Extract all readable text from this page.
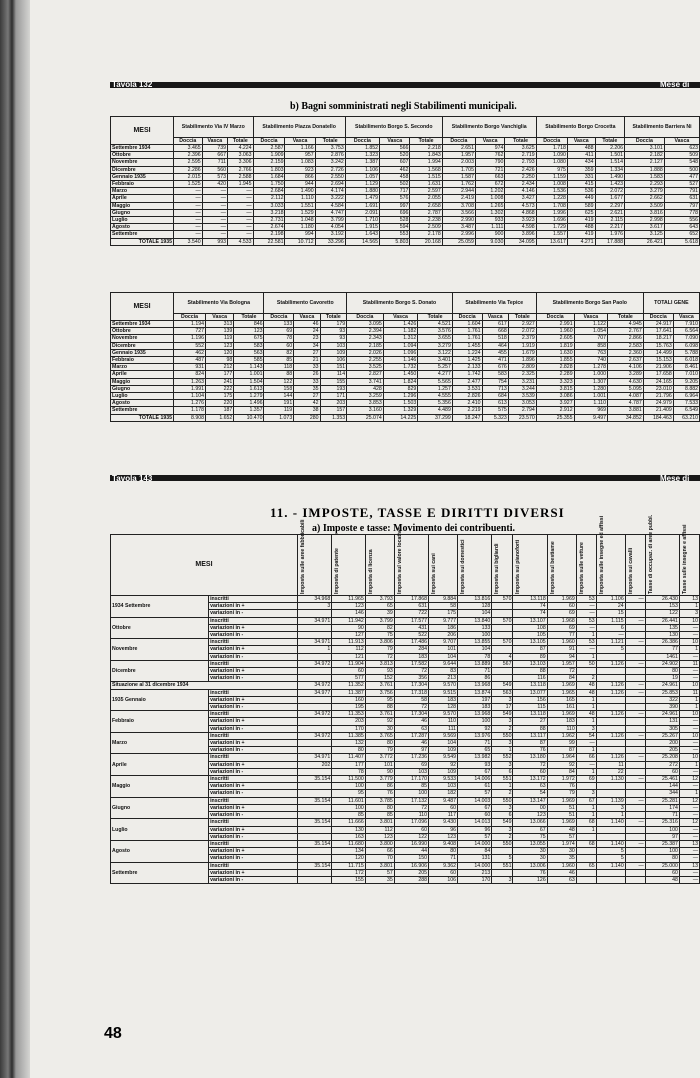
Tavola 132	Mese di
b) Bagni somministrati negli Stabilimenti municipali.
MESI	Stabilimento Via IV Marzo			Stabilimento Piazza Donatello			Stabilimento Borgo S. Secondo			Stabilimento Borgo Vanchiglia			Stabilimento Borgo Crocetta			Stabilimento Barriera Ni	
	Doccia	Vasca	Totale	Doccia	Vasca	Totale	Doccia	Vasca	Totale	Doccia	Vasca	Totale	Doccia	Vasca	Totale	Doccia	Vasca
Settembre 1934	3.465	739	4.224	2.587	1.166	3.753	1.852	566	2.218	2.651	974	3.625	1.718	488	2.206	3.101	623
Ottobre	2.396	667	3.063	1.909	957	2.876	1.323	520	1.843	1.957	762	2.719	1.090	411	1.501	2.182	509
Novembre	2.595	711	3.306	2.159	1.083	3.242	1.387	607	1.994	2.003	790	2.793	1.080	434	1.514	2.127	548
Dicembre	2.286	560	2.766	1.803	923	2.726	1.106	462	1.568	1.705	721	2.426	975	359	1.334	1.888	500
Gennaio 1935	2.015	573	2.588	1.684	866	2.550	1.057	458	1.515	1.587	663	2.250	1.159	331	1.490	1.583	477
Febbraio	1.525	420	1.945	1.750	944	2.694	1.129	502	1.631	1.762	672	2.434	1.008	415	1.423	2.293	527
Marzo	—	—	—	2.684	1.490	4.174	1.880	717	2.597	2.944	1.202	4.146	1.536	536	2.072	3.279	791
Aprile	—	—	—	2.112	1.110	3.222	1.479	576	2.055	2.419	1.008	3.427	1.228	449	1.677	2.662	631
Maggio	—	—	—	3.033	1.551	4.584	1.691	997	2.658	3.708	1.265	4.573	1.708	589	2.297	3.509	797
Giugno	—	—	—	3.218	1.529	4.747	2.091	696	2.787	3.566	1.302	4.868	1.996	625	2.621	3.816	778
Luglio	—	—	—	2.731	1.048	3.799	1.710	528	2.238	2.990	933	3.923	1.696	419	2.115	2.998	556
Agosto	—	—	—	2.674	1.180	4.054	1.915	594	2.509	3.487	1.111	4.598	1.729	488	2.217	3.617	643
Settembre	—	—	—	2.198	994	3.192	1.643	553	2.178	2.996	900	3.896	1.557	419	1.976	3.125	652
TOTALE 1935	3.540	993	4.533	22.581	10.712	33.296	14.565	5.803	20.168	25.059	9.030	34.095	13.617	4.271	17.888	26.421	5.618
MESI	Stabilimento Via Bologna			Stabilimento Cavoretto			Stabilimento Borgo S. Donato			Stabilimento Via Tepice			Stabilimento Borgo San Paolo			TOTALI GENE	
	Doccia	Vasca	Totale	Doccia	Vasca	Totale	Doccia	Vasca	Totale	Doccia	Vasca	Totale	Doccia	Vasca	Totale	Doccia	Vasca
Settembre 1934	1.194	313	846	133	46	179	3.095	1.426	4.521	1.604	617	2.927	2.991	1.122	4.945	24.917	7.910
Ottobre	727	139	123	69	24	93	2.394	1.182	3.576	1.761	668	2.072	1.960	1.054	2.767	17.641	6.564
Novembre	1.196	119	675	78	23	93	2.343	1.312	3.655	1.761	518	2.379	2.605	707	2.866	18.217	7.090
Dicembre	552	123	583	60	34	103	2.185	1.094	3.279	1.455	464	1.919	1.819	858	2.583	15.763	6.098
Gennaio 1935	462	120	563	82	27	109	2.026	1.096	3.122	1.224	455	1.679	1.630	763	2.360	14.499	5.788
Febbraio	487	98	585	85	21	106	2.255	1.146	3.401	1.425	471	1.896	1.855	740	2.637	15.153	6.018
Marzo	931	212	1.143	118	33	151	3.525	1.732	5.257	2.133	676	2.809	2.828	1.278	4.106	21.906	8.461
Aprile	824	177	1.001	88	26	114	2.827	1.450	4.277	1.742	583	2.325	2.289	1.000	3.289	17.658	7.010
Maggio	1.263	241	1.504	122	33	155	3.741	1.824	5.565	2.477	754	3.231	3.323	1.307	4.630	24.165	9.205
Giugno	1.991	222	1.613	158	35	193	428	829	1.257	3.531	713	3.244	3.815	1.280	5.095	23.010	8.882
Luglio	1.104	175	1.279	144	27	171	3.259	1.296	4.555	2.826	684	3.539	3.086	1.001	4.087	21.796	6.964
Agosto	1.276	220	1.496	191	42	203	3.853	1.503	5.356	2.410	613	3.053	3.927	1.110	4.787	24.979	7.533
Settembre	1.178	187	1.357	119	38	157	3.160	1.329	4.489	2.219	575	2.794	2.912	969	3.881	21.409	6.549
TOTALE 1935	8.908	1.652	10.470	1.073	280	1.353	25.074	14.225	37.299	18.247	5.323	23.570	25.355	9.497	34.852	184.463	63.210
Tavola 143	Mese di
11. - IMPOSTE, TASSE E DIRITTI DIVERSI
a) Imposte e tasse: Movimento dei contribuenti.
MESI		Imposta sulle aree fabbricabili	Imposta di patente	Imposta di licenza	Imposta sul valore locativo	Imposta sui cani	Imposta sui domestici	Imposta sui bigliardi	Imposta sui pianoforti	Imposta sul bestiame	Imposta sulle vetture	Imposta sulle insegne ed affissi	Imposta sui cavalli	Tasse di occupaz. di aree pubbl.	Tasse sulle insegne e affissi

1934 Settembre	inscritti	34.968	11.965	3.793	17.868	9.884	13.816	570	13.118	1.969	53	1.106	—	26.430	13
	variazioni in +	3	123	65	631	58	128		74	60	—	24		153	1
	variazioni in -		146	39	722	175	104		74	69	—	15		122	3
Ottobre	inscritti	34.971	11.942	3.799	17.577	9.777	13.840	570	13.107	1.968	53	1.115	—	26.441	10
	variazioni in +		90	82	431	186	133		108	69	—	6		135	—
	variazioni in -		127	75	522	206	100		105	77	1	—		130	—
Novembre	inscritti	34.971	11.913	3.806	17.486	9.707	13.855	570	13.105	1.960	53	1.121	—	26.386	10
	variazioni in +	1	112	79	284	101	104		87	91	—	5		77	1
	variazioni in -		121	72	183	104	78	4	89	94	1			1461	—
Dicembre	inscritti	34.972	11.904	3.813	17.582	9.644	13.889	567	13.103	1.957	50	1.126	—	24.902	11
	variazioni in +		60	93	72	83	71		88	72				80	—
	variazioni in -		577	152	356	213	86		116	84	2			19	—
Situazione al 31 dicembre 1934		34.972	11.352	3.761	17.304	9.570	13.968	549	13.118	1.969	48	1.126	—	24.961	10
1935 Gennaio	inscritti	34.977	11.387	3.756	17.318	9.515	13.874	563	13.077	1.965	48	1.126	—	25.853	11
	variazioni in +		160	95	58	183	197	3	156	165	1			322	1
	variazioni in -		195	88	72	128	183	17	115	161	1			390	1
Febbraio	inscritti	34.972	11.353	3.761	17.304	9.570	13.968	549	13.118	1.969	48	1.126	—	24.961	10
	variazioni in +		203	92	46	110	100	3	27	183	1			131	—
	variazioni in -		170	30	63	111	92	2	88	110	3			305	—
Marzo	inscritti	34.972	11.385	3.765	17.287	9.569	13.976	550	13.117	1.962	54	1.126	—	25.267	10
	variazioni in +		132	80	46	104	71	3	87	99	—			200	—
	variazioni in -		80	79	97	109	65	1	76	87	1			205	—
Aprile	inscritti	34.971	11.407	3.772	17.236	9.549	13.982	552	13.180	1.964	66	1.126	—	25.208	10
	variazioni in +	202	177	101	69	92	93	3	72	92	—	11		272	1
	variazioni in -		78	90	103	109	67	6	60	84	1	22		60	—
Maggio	inscritti	35.154	11.500	3.779	17.170	9.533	14.006	551	13.172	1.972	69	1.130	—	25.461	12
	variazioni in +		100	86	85	103	61	1	63	76				144	—
	variazioni in -		95	76	100	182	57	2	54	79	3			344	1
Giugno	inscritti	35.154	11.601	3.785	17.132	9.487	14.003	550	13.147	1.969	67	1.139	—	25.281	12
	variazioni in +		100	80	72	60	67	3	00	51	1	3		174	—
	variazioni in -		85	85	110	117	60	6	123	51	1	1		71	—
Luglio	inscritti	35.154	11.666	3.801	17.096	9.430	14.013	549	13.066	1.969	68	1.140	—	25.316	12
	variazioni in +		130	112	60	96	96	3	67	48	1			100	—
	variazioni in -		163	123	122	123	57	2	75	57				97	—
Agosto	inscritti	35.154	11.680	3.800	16.990	9.408	14.000	550	13.055	1.974	68	1.140	—	25.387	13
	variazioni in +		134	66	44	80	84		30	30		5		100	—
	variazioni in -		120	70	150	71	131	5	30	35		5		80	—
Settembre	inscritti	35.154	11.715	3.801	16.906	9.362	14.000	551	13.006	1.960	65	1.140	—	25.000	13
	variazioni in +		172	57	205	60	213		76	46				60	—
	variazioni in -		155	35	288	106	170	3	126	63				48	—
48
